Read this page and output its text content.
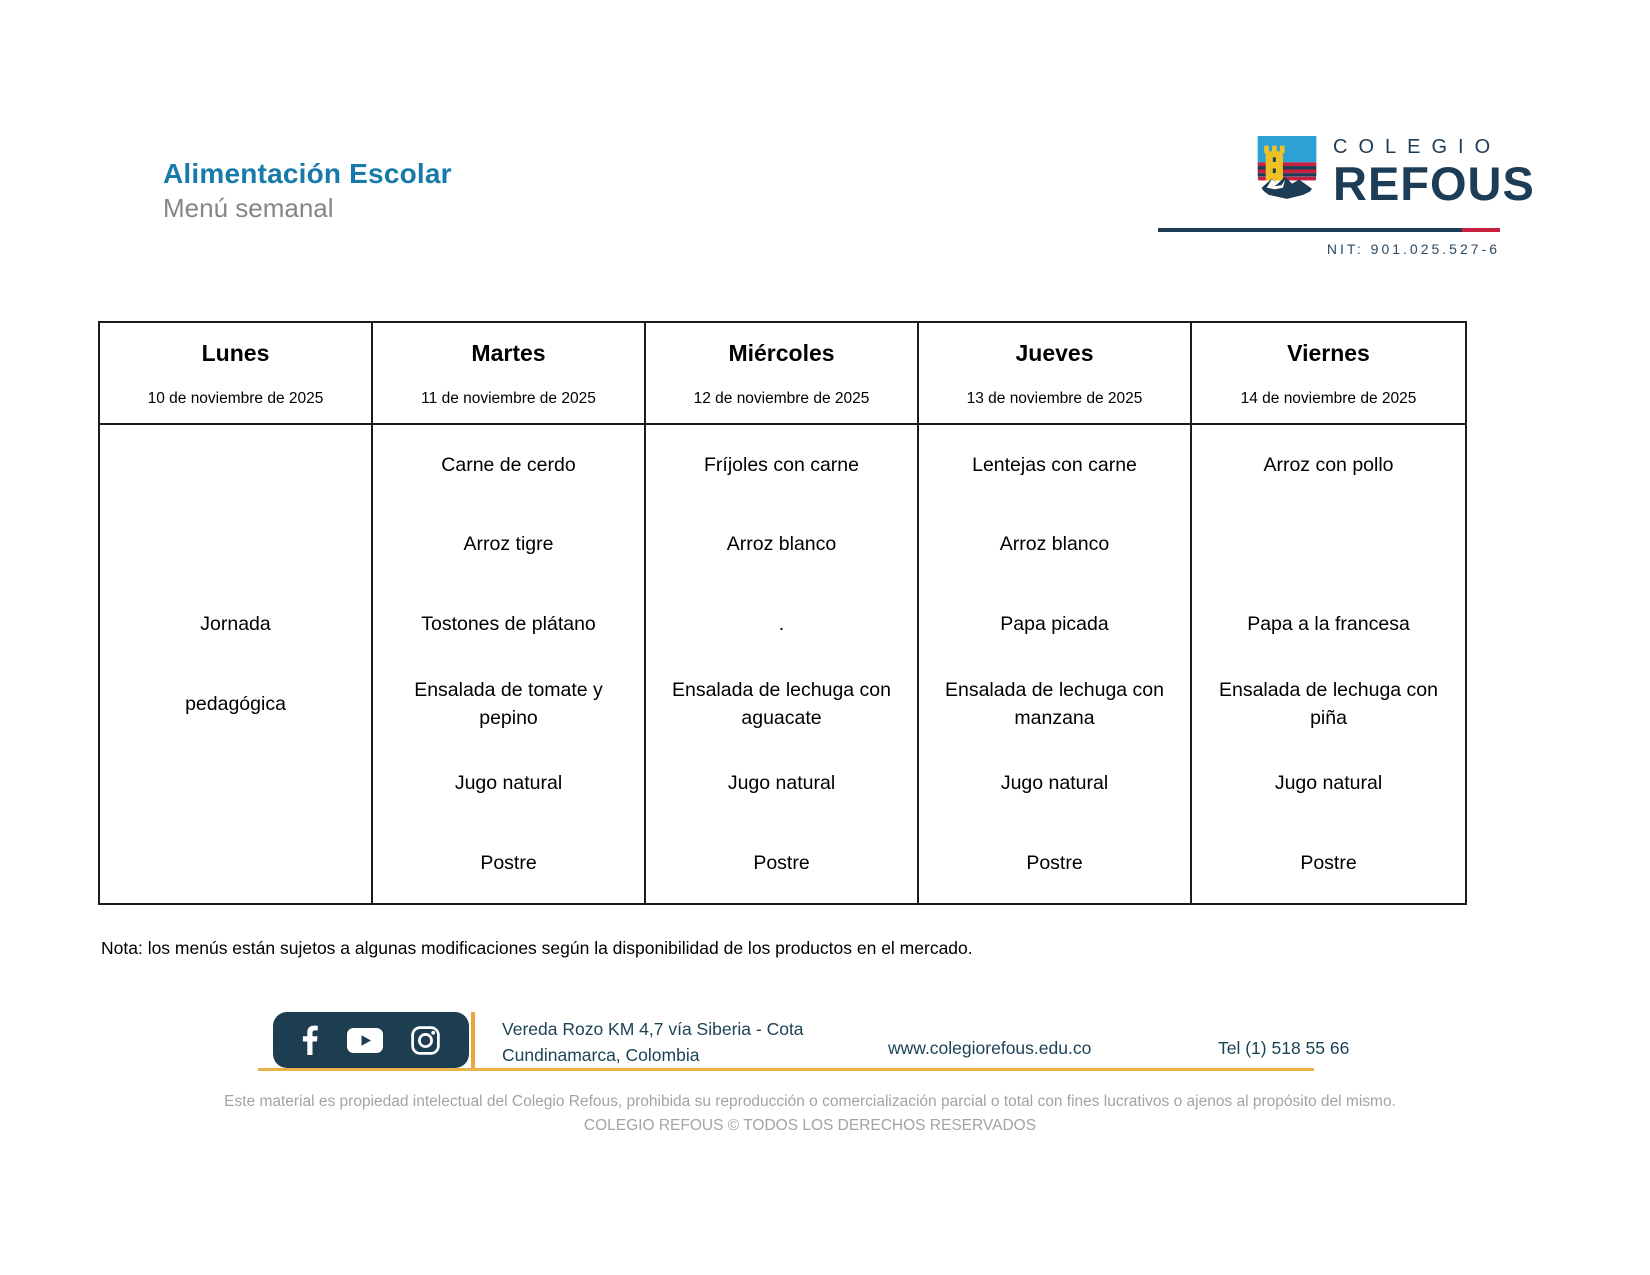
Alimentación Escolar
Menú semanal
COLEGIO
REFOUS
NIT: 901.025.527-6
Lunes
10 de noviembre de 2025
Jornada
pedagógica
Martes
11 de noviembre de 2025
Carne de cerdo
Arroz tigre
Tostones de plátano
Ensalada de tomate y pepino
Jugo natural
Postre
Miércoles
12 de noviembre de 2025
Fríjoles con carne
Arroz blanco
.
Ensalada de lechuga con aguacate
Jugo natural
Postre
Jueves
13 de noviembre de 2025
Lentejas con carne
Arroz blanco
Papa picada
Ensalada de lechuga con manzana
Jugo natural
Postre
Viernes
14 de noviembre de 2025
Arroz con pollo
Papa a la francesa
Ensalada de lechuga con piña
Jugo natural
Postre
Nota: los menús están sujetos a algunas modificaciones según la disponibilidad de los productos en el mercado.
Vereda Rozo KM 4,7 vía Siberia - Cota
Cundinamarca, Colombia	www.colegiorefous.edu.co	Tel (1) 518 55 66
Este material es propiedad intelectual del Colegio Refous, prohibida su reproducción o comercialización parcial o total con fines lucrativos o ajenos al propósito del mismo.
COLEGIO REFOUS © TODOS LOS DERECHOS RESERVADOS
